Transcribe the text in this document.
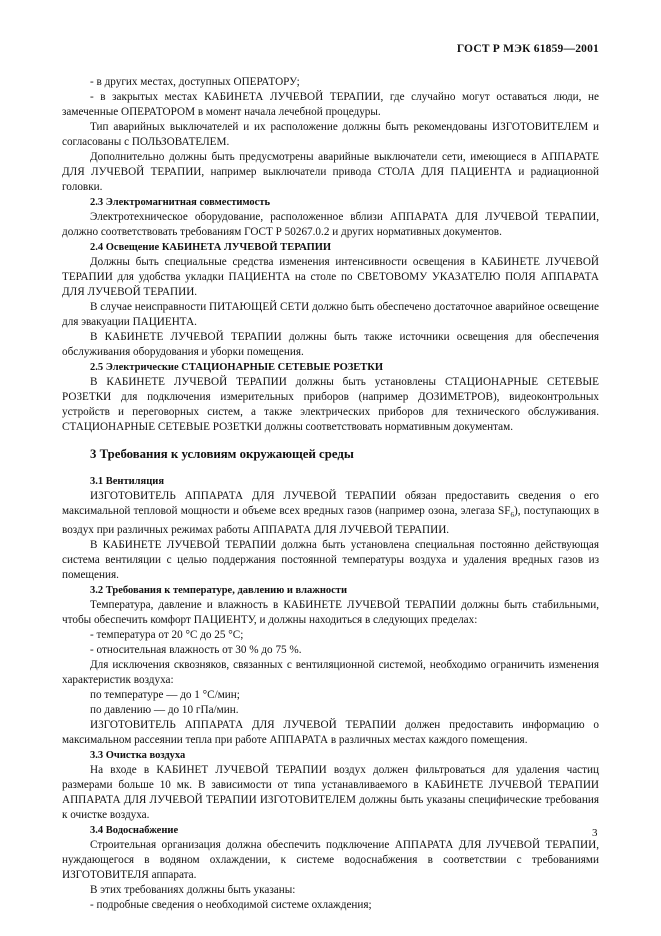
ГОСТ Р МЭК 61859—2001

- в других местах, доступных ОПЕРАТОРУ;

- в закрытых местах КАБИНЕТА ЛУЧЕВОЙ ТЕРАПИИ, где случайно могут оставаться люди, не замеченные ОПЕРАТОРОМ в момент начала лечебной процедуры.

Тип аварийных выключателей и их расположение должны быть рекомендованы ИЗГОТОВИТЕЛЕМ и согласованы с ПОЛЬЗОВАТЕЛЕМ.

Дополнительно должны быть предусмотрены аварийные выключатели сети, имеющиеся в АППАРАТЕ ДЛЯ ЛУЧЕВОЙ ТЕРАПИИ, например выключатели привода СТОЛА ДЛЯ ПАЦИЕНТА и радиационной головки.

2.3 Электромагнитная совместимость

Электротехническое оборудование, расположенное вблизи АППАРАТА ДЛЯ ЛУЧЕВОЙ ТЕРАПИИ, должно соответствовать требованиям ГОСТ Р 50267.0.2 и других нормативных документов.

2.4 Освещение КАБИНЕТА ЛУЧЕВОЙ ТЕРАПИИ

Должны быть специальные средства изменения интенсивности освещения в КАБИНЕТЕ ЛУЧЕВОЙ ТЕРАПИИ для удобства укладки ПАЦИЕНТА на столе по СВЕТОВОМУ УКАЗАТЕЛЮ ПОЛЯ АППАРАТА ДЛЯ ЛУЧЕВОЙ ТЕРАПИИ.

В случае неисправности ПИТАЮЩЕЙ СЕТИ должно быть обеспечено достаточное аварийное освещение для эвакуации ПАЦИЕНТА.

В КАБИНЕТЕ ЛУЧЕВОЙ ТЕРАПИИ должны быть также источники освещения для обеспечения обслуживания оборудования и уборки помещения.

2.5 Электрические СТАЦИОНАРНЫЕ СЕТЕВЫЕ РОЗЕТКИ

В КАБИНЕТЕ ЛУЧЕВОЙ ТЕРАПИИ должны быть установлены СТАЦИОНАРНЫЕ СЕТЕВЫЕ РОЗЕТКИ для подключения измерительных приборов (например ДОЗИМЕТРОВ), видеоконтрольных устройств и переговорных систем, а также электрических приборов для технического обслуживания. СТАЦИОНАРНЫЕ СЕТЕВЫЕ РОЗЕТКИ должны соответствовать нормативным документам.

3 Требования к условиям окружающей среды

3.1 Вентиляция

ИЗГОТОВИТЕЛЬ АППАРАТА ДЛЯ ЛУЧЕВОЙ ТЕРАПИИ обязан предоставить сведения о его максимальной тепловой мощности и объеме всех вредных газов (например озона, элегаза $SF_6$), поступающих в воздух при различных режимах работы АППАРАТА ДЛЯ ЛУЧЕВОЙ ТЕРАПИИ.

В КАБИНЕТЕ ЛУЧЕВОЙ ТЕРАПИИ должна быть установлена специальная постоянно действующая система вентиляции с целью поддержания постоянной температуры воздуха и удаления вредных газов из помещения.

3.2 Требования к температуре, давлению и влажности

Температура, давление и влажность в КАБИНЕТЕ ЛУЧЕВОЙ ТЕРАПИИ должны быть стабильными, чтобы обеспечить комфорт ПАЦИЕНТУ, и должны находиться в следующих пределах:

- температура от 20 °С до 25 °С;

- относительная влажность от 30 % до 75 %.

Для исключения сквозняков, связанных с вентиляционной системой, необходимо ограничить изменения характеристик воздуха:

по температуре — до 1 °С/мин;

по давлению — до 10 гПа/мин.

ИЗГОТОВИТЕЛЬ АППАРАТА ДЛЯ ЛУЧЕВОЙ ТЕРАПИИ должен предоставить информацию о максимальном рассеянии тепла при работе АППАРАТА в различных местах каждого помещения.

3.3 Очистка воздуха

На входе в КАБИНЕТ ЛУЧЕВОЙ ТЕРАПИИ воздух должен фильтроваться для удаления частиц размерами больше 10 мк. В зависимости от типа устанавливаемого в КАБИНЕТЕ ЛУЧЕВОЙ ТЕРАПИИ АППАРАТА ДЛЯ ЛУЧЕВОЙ ТЕРАПИИ ИЗГОТОВИТЕЛЕМ должны быть указаны специфические требования к очистке воздуха.

3.4 Водоснабжение

Строительная организация должна обеспечить подключение АППАРАТА ДЛЯ ЛУЧЕВОЙ ТЕРАПИИ, нуждающегося в водяном охлаждении, к системе водоснабжения в соответствии с требованиями ИЗГОТОВИТЕЛЯ аппарата.

В этих требованиях должны быть указаны:

- подробные сведения о необходимой системе охлаждения;

3
